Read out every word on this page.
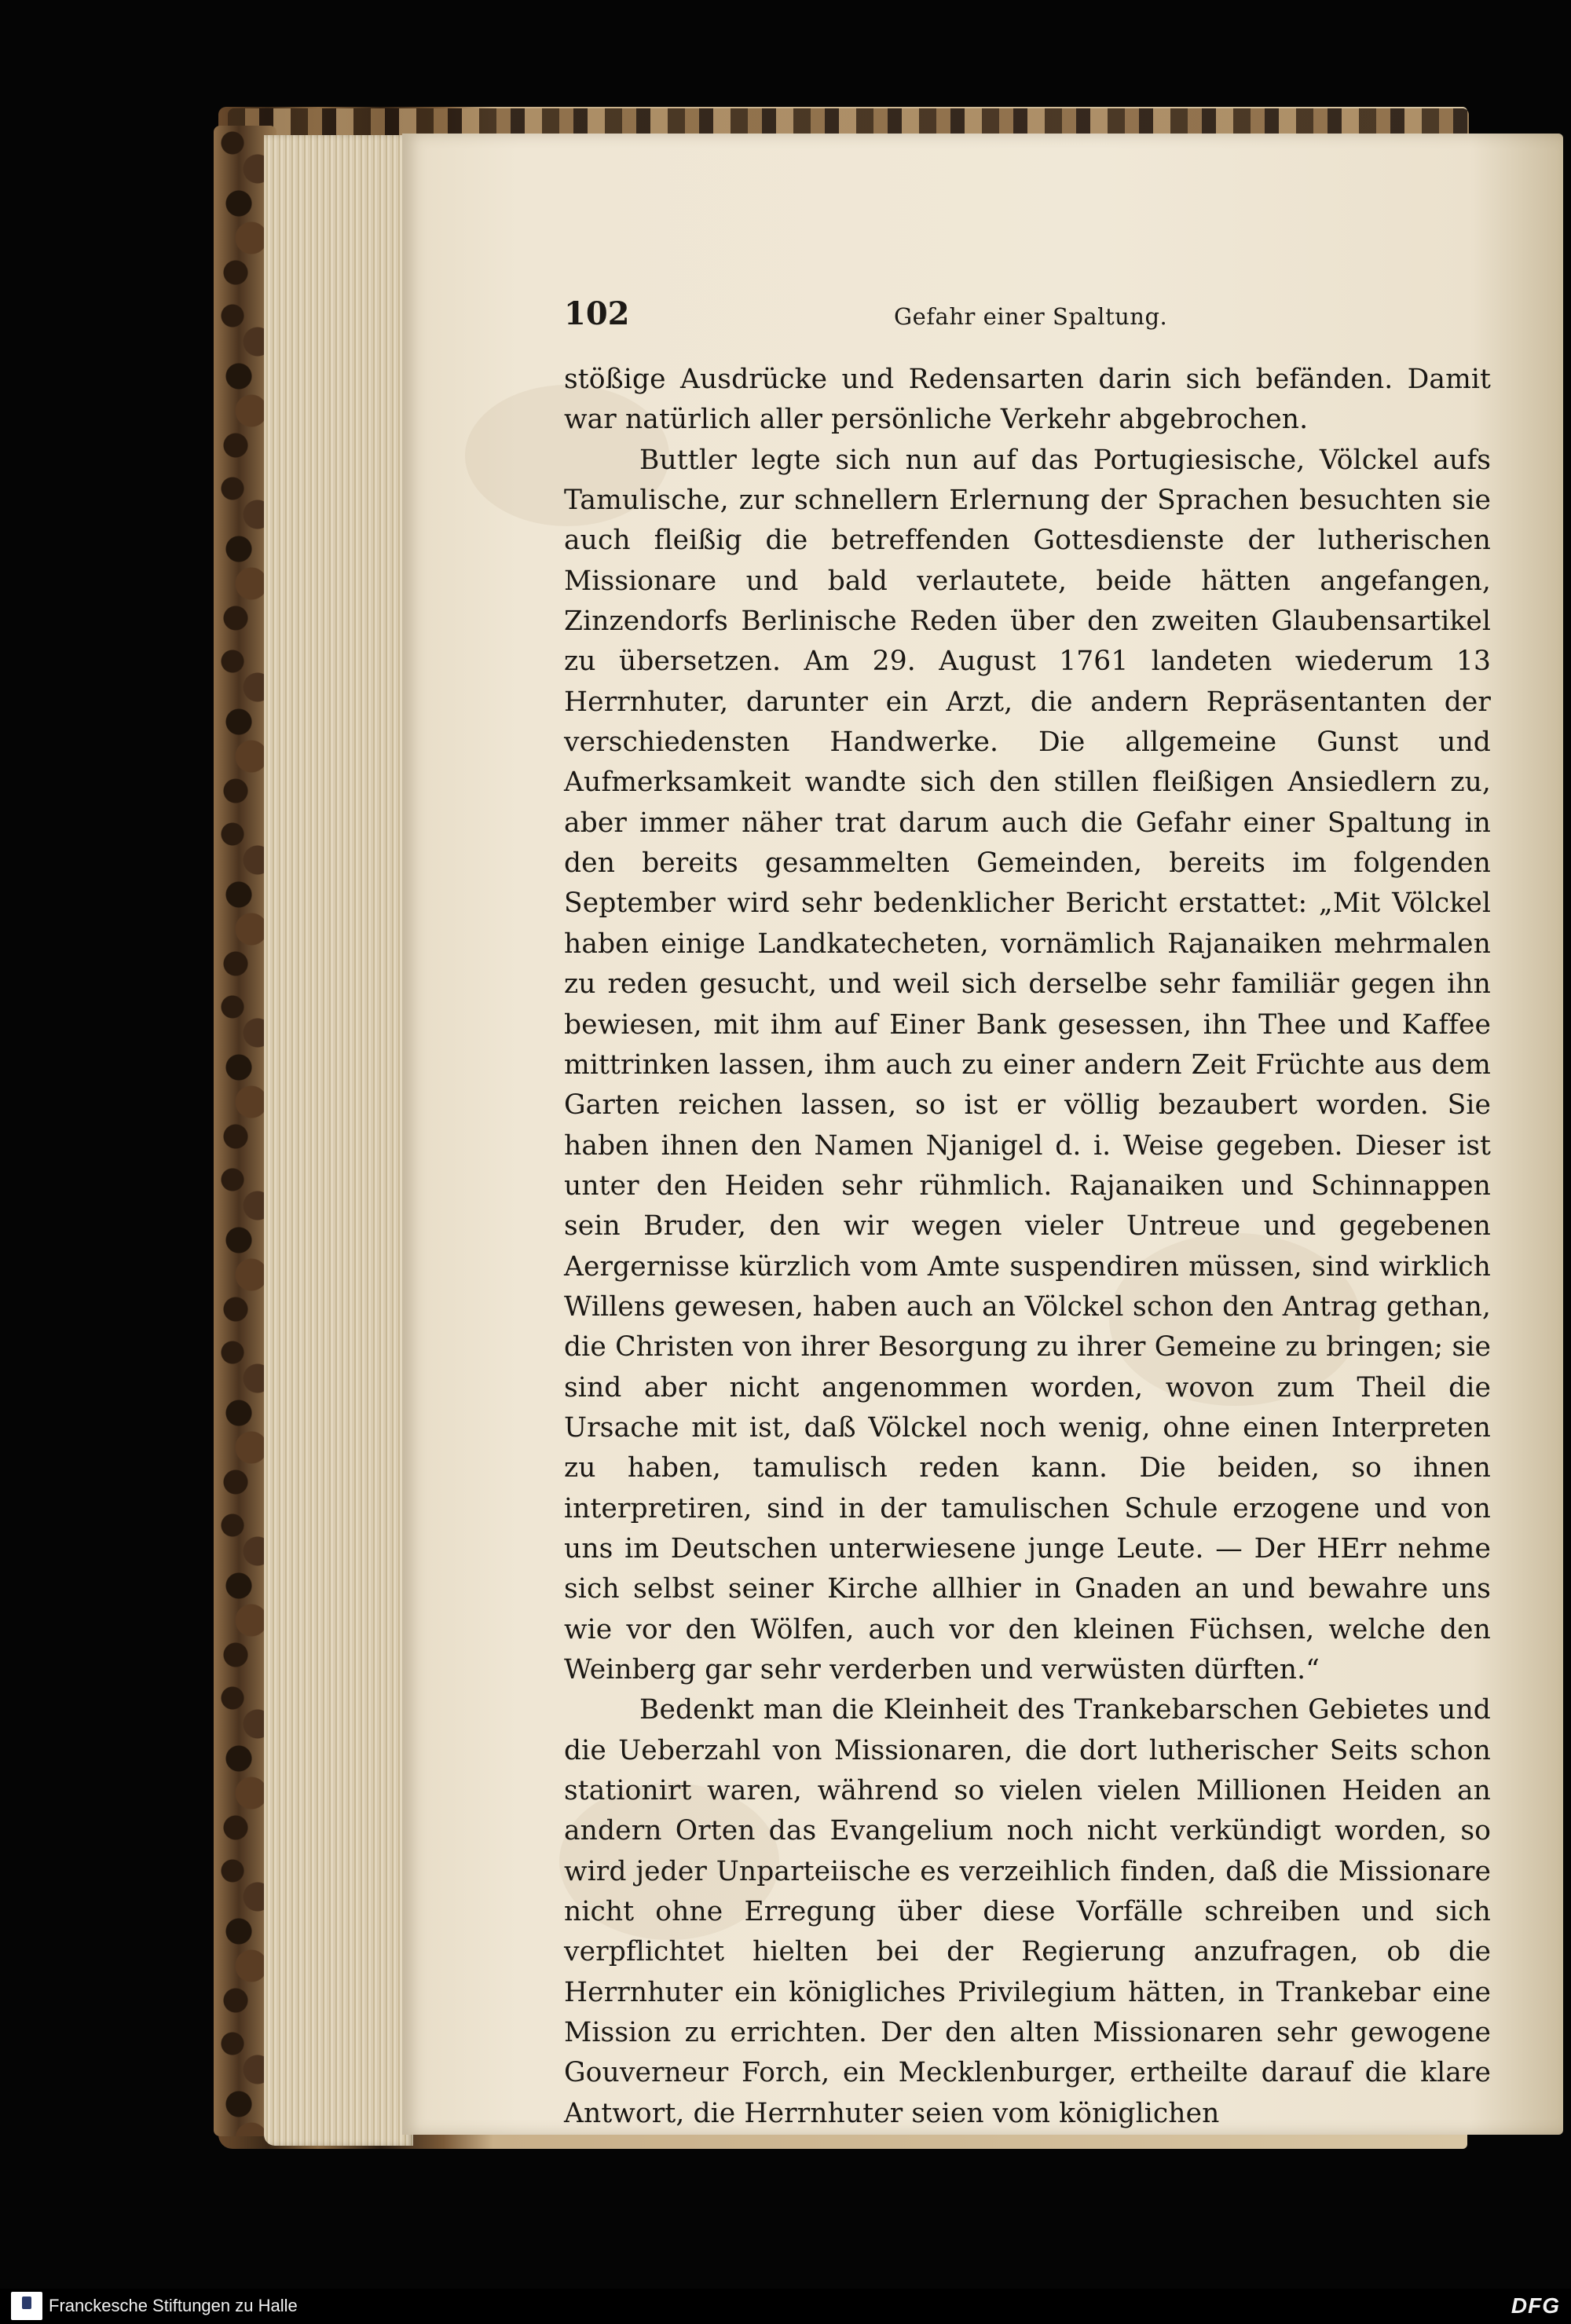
102	Gefahr einer Spaltung.

stößige Ausdrücke und Redensarten darin sich befänden. Damit war natürlich aller persönliche Verkehr abgebrochen.

Buttler legte sich nun auf das Portugiesische, Völckel aufs Tamulische, zur schnellern Erlernung der Sprachen besuchten sie auch fleißig die betreffenden Gottesdienste der lutherischen Missionare und bald verlautete, beide hätten angefangen, Zinzendorfs Berlinische Reden über den zweiten Glaubensartikel zu übersetzen. Am 29. August 1761 landeten wiederum 13 Herrnhuter, darunter ein Arzt, die andern Repräsentanten der verschiedensten Handwerke. Die allgemeine Gunst und Aufmerksamkeit wandte sich den stillen fleißigen Ansiedlern zu, aber immer näher trat darum auch die Gefahr einer Spaltung in den bereits gesammelten Gemeinden, bereits im folgenden September wird sehr bedenklicher Bericht erstattet: „Mit Völckel haben einige Landkatecheten, vornämlich Rajanaiken mehrmalen zu reden gesucht, und weil sich derselbe sehr familiär gegen ihn bewiesen, mit ihm auf Einer Bank gesessen, ihn Thee und Kaffee mittrinken lassen, ihm auch zu einer andern Zeit Früchte aus dem Garten reichen lassen, so ist er völlig bezaubert worden. Sie haben ihnen den Namen Njanigel d. i. Weise gegeben. Dieser ist unter den Heiden sehr rühmlich. Rajanaiken und Schinnappen sein Bruder, den wir wegen vieler Untreue und gegebenen Aergernisse kürzlich vom Amte suspendiren müssen, sind wirklich Willens gewesen, haben auch an Völckel schon den Antrag gethan, die Christen von ihrer Besorgung zu ihrer Gemeine zu bringen; sie sind aber nicht angenommen worden, wovon zum Theil die Ursache mit ist, daß Völckel noch wenig, ohne einen Interpreten zu haben, tamulisch reden kann. Die beiden, so ihnen interpretiren, sind in der tamulischen Schule erzogene und von uns im Deutschen unterwiesene junge Leute. — Der HErr nehme sich selbst seiner Kirche allhier in Gnaden an und bewahre uns wie vor den Wölfen, auch vor den kleinen Füchsen, welche den Weinberg gar sehr verderben und verwüsten dürften.“

Bedenkt man die Kleinheit des Trankebarschen Gebietes und die Ueberzahl von Missionaren, die dort lutherischer Seits schon stationirt waren, während so vielen vielen Millionen Heiden an andern Orten das Evangelium noch nicht verkündigt worden, so wird jeder Unparteiische es verzeihlich finden, daß die Missionare nicht ohne Erregung über diese Vorfälle schreiben und sich verpflichtet hielten bei der Regierung anzufragen, ob die Herrnhuter ein königliches Privilegium hätten, in Trankebar eine Mission zu errichten. Der den alten Missionaren sehr gewogene Gouverneur Forch, ein Mecklenburger, ertheilte darauf die klare Antwort, die Herrnhuter seien vom königlichen

Franckesche Stiftungen zu Halle	DFG
